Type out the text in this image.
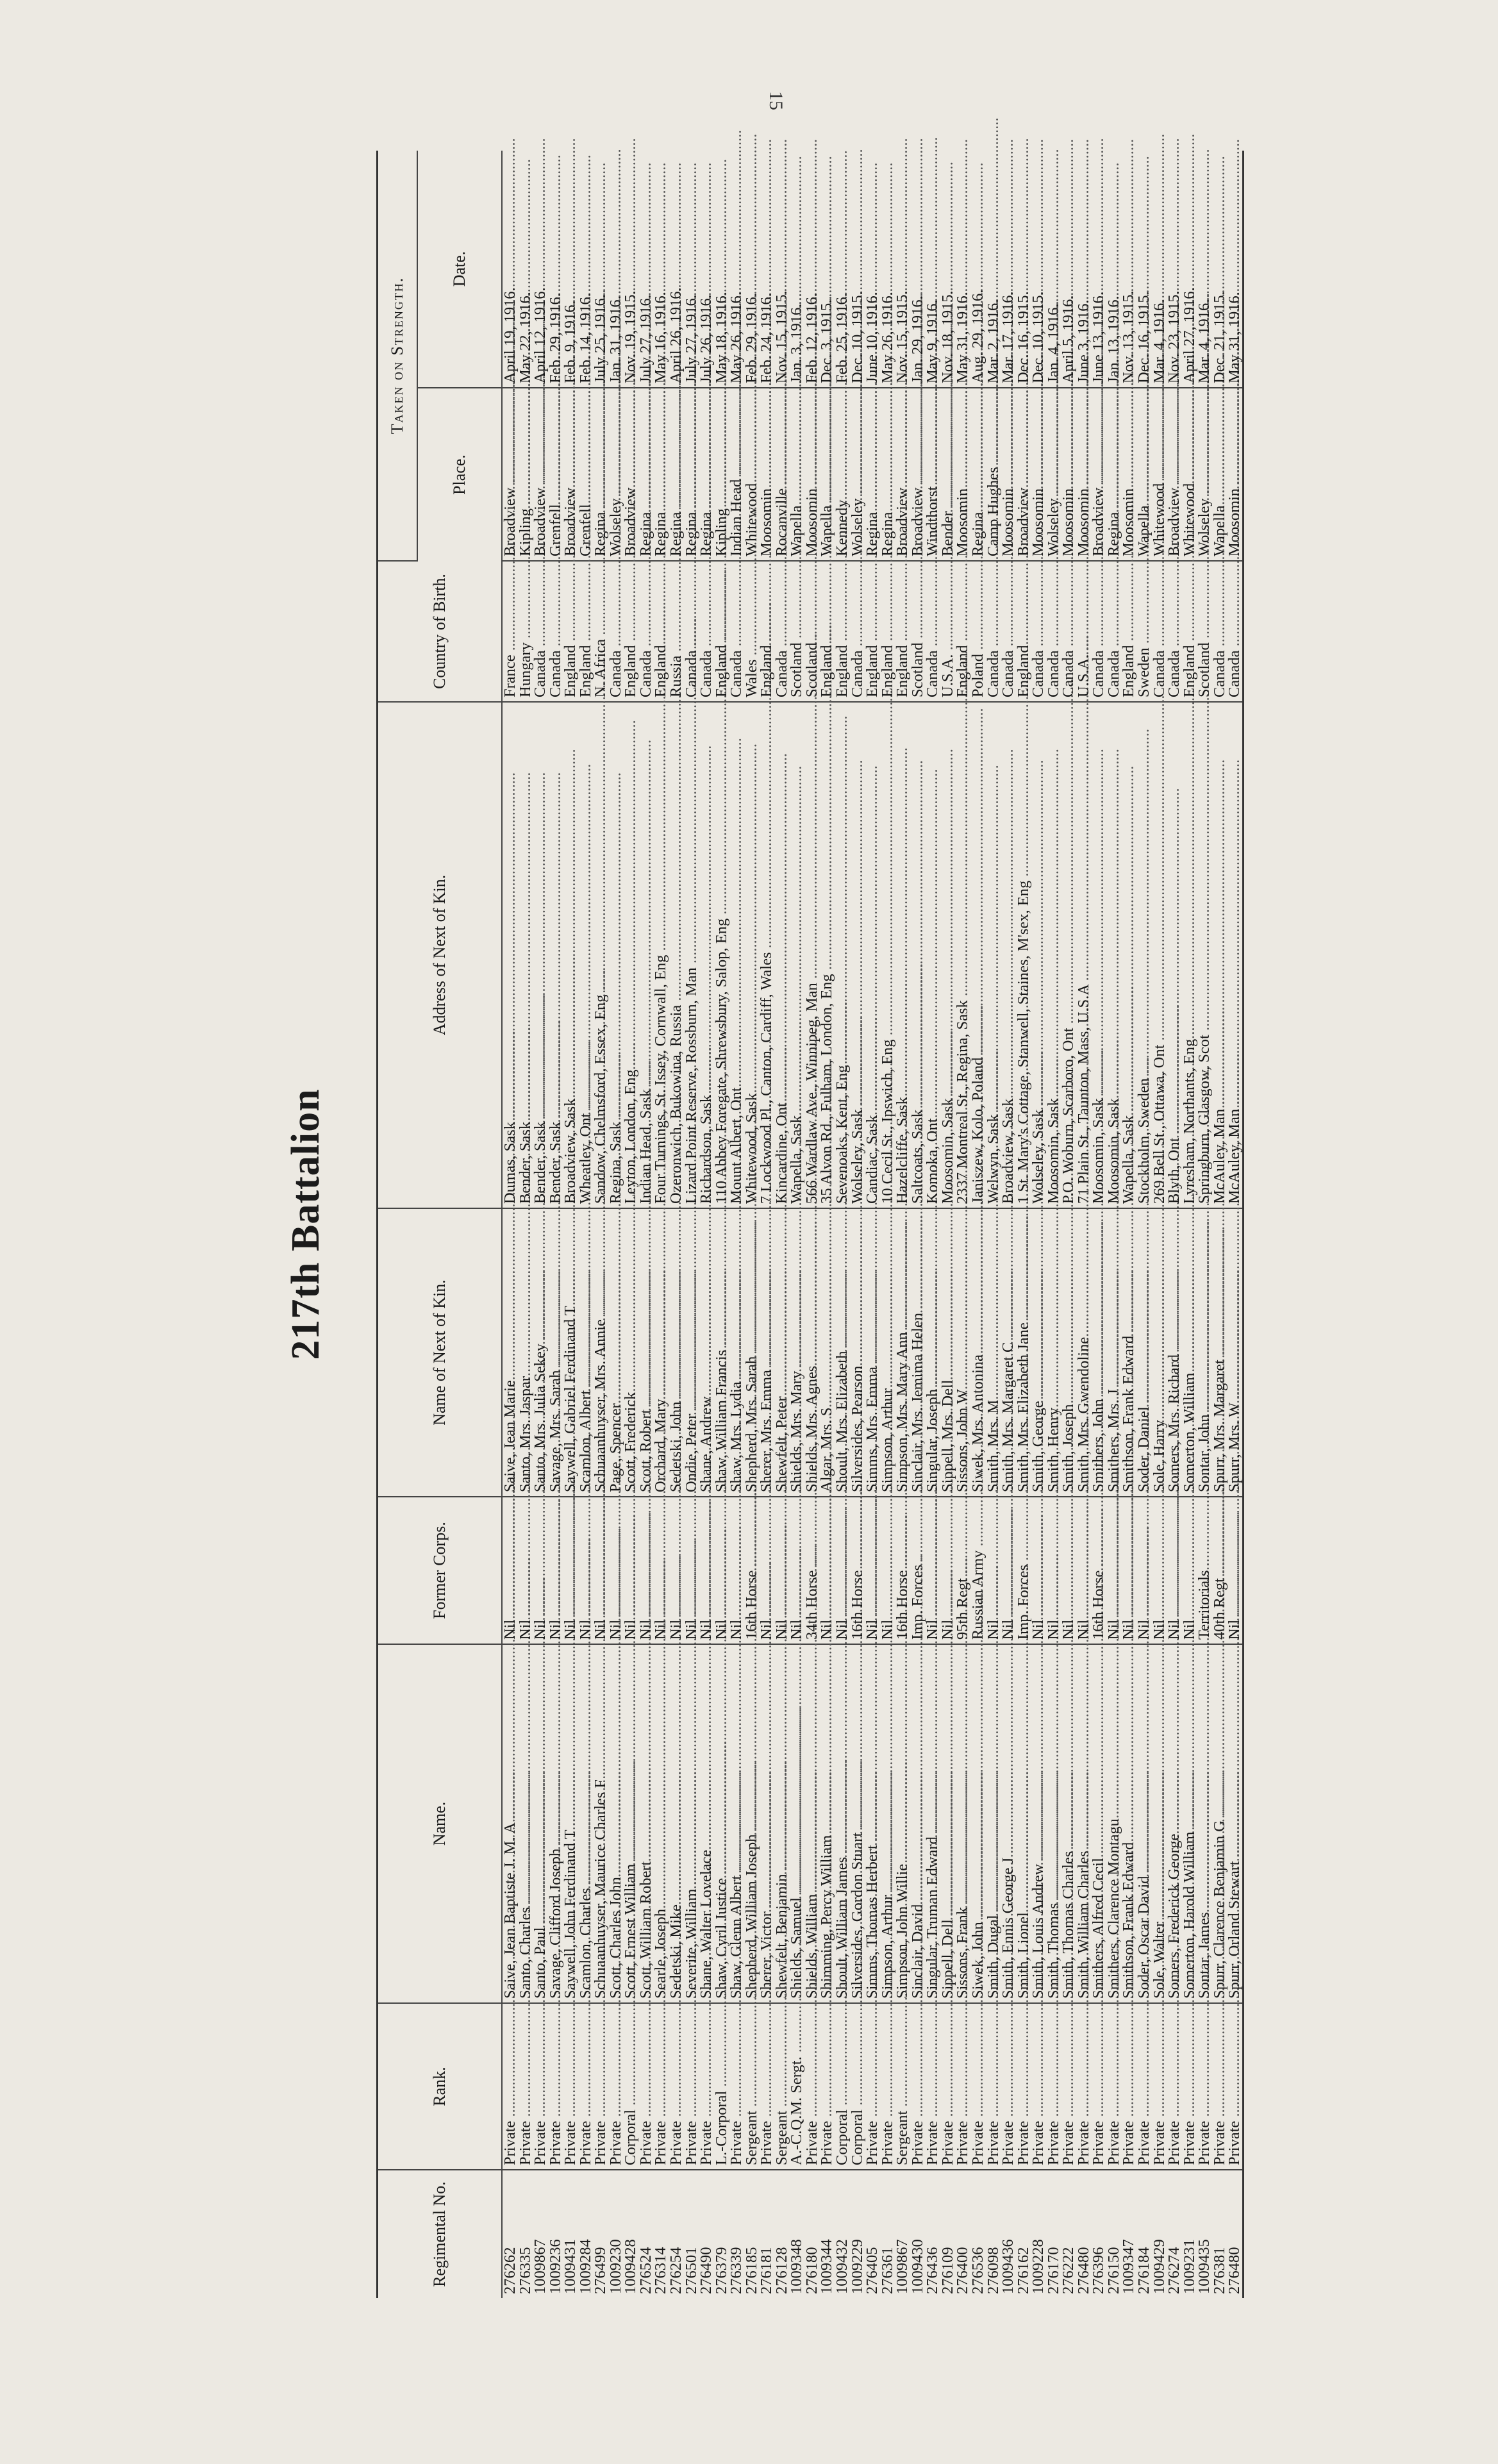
15
217th Battalion
Regimental No.	Rank.	Name.	Former Corps.	Name of Next of Kin.	Address of Next of Kin.	Country of Birth.	Taken on Strength.	
							Place.	Date.
276262	Private .....	Saive, Jean Baptiste J. M. A .....	Nil .....	Saive, Jean Marie .....	Dumas, Sask .....	France .....	Broadview .....	April 19, 1916.
276335	Private .....	Santo, Charles .....	Nil .....	Santo, Mrs. Jaspar .....	Bender, Sask .....	Hungary .....	Kipling .....	May 22, 1916.
1009867	Private .....	Santo, Paul .....	Nil .....	Santo, Mrs. Julia Sekey .....	Bender, Sask .....	Canada .....	Broadview .....	April 12, 1916.
1009236	Private .....	Savage, Clifford Joseph .....	Nil .....	Savage, Mrs. Sarah .....	Bender, Sask .....	Canada .....	Grenfell .....	Feb. 29, 1916.
1009431	Private .....	Saywell, John Ferdinand T .....	Nil .....	Saywell, Gabriel Ferdinand T .....	Broadview, Sask .....	England .....	Broadview .....	Feb. 9, 1916.
1009284	Private .....	Scamlon, Charles .....	Nil .....	Scamlon, Albert .....	Wheatley, Ont .....	England .....	Grenfell .....	Feb. 14, 1916.
276499	Private .....	Schuaanhuyser, Maurice Charles F .....	Nil .....	Schuaanhuyser, Mrs. Annie .....	Sandow, Chelmsford, Essex, Eng .....	N. Africa .....	Regina .....	July 25, 1916.
1009230	Private .....	Scott, Charles John .....	Nil .....	Page, Spencer .....	Regina, Sask .....	Canada .....	Wolseley .....	Jan. 31, 1916.
1009428	Corporal .....	Scott, Ernest William .....	Nil .....	Scott, Frederick .....	Leyton, London, Eng .....	England .....	Broadview .....	Nov. 19, 1915.
276524	Private .....	Scott, William Robert .....	Nil .....	Scott, Robert .....	Indian Head, Sask .....	Canada .....	Regina .....	July 27, 1916.
276314	Private .....	Searle, Joseph .....	Nil .....	Orchard, Mary .....	Four Turnings, St. Issey, Cornwall, Eng .....	England .....	Regina .....	May 16, 1916.
276254	Private .....	Sedetski, Mike .....	Nil .....	Sedetski, John .....	Ozeronwich, Bukowina, Russia .....	Russia .....	Regina .....	April 26, 1916.
276501	Private .....	Severite, William .....	Nil .....	Ondie, Peter .....	Lizard Point Reserve, Rossburn, Man .....	Canada .....	Regina .....	July 27, 1916.
276490	Private .....	Shane, Walter Lovelace .....	Nil .....	Shane, Andrew .....	Richardson, Sask .....	Canada .....	Regina .....	July 26, 1916.
276379	L.-Corporal .....	Shaw, Cyril Justice .....	Nil .....	Shaw, William Francis .....	110 Abbey Foregate, Shrewsbury, Salop, Eng .....	England .....	Kipling .....	May 18, 1916.
276339	Private .....	Shaw, Glenn Albert .....	Nil .....	Shaw, Mrs. Lydia .....	Mount Albert, Ont .....	Canada .....	Indian Head .....	May 26, 1916.
276185	Sergeant .....	Shepherd, William Joseph .....	16th Horse .....	Shepherd, Mrs. Sarah .....	Whitewood, Sask .....	Wales .....	Whitewood .....	Feb. 29, 1916.
276181	Private .....	Sherer, Victor .....	Nil .....	Sherer, Mrs. Emma .....	7 Lockwood Pl., Canton, Cardiff, Wales .....	England .....	Moosomin .....	Feb. 24, 1916.
276128	Sergeant .....	Shewfelt, Benjamin .....	Nil .....	Shewfelt, Peter .....	Kincardine, Ont .....	Canada .....	Rocanville .....	Nov. 15, 1915.
1009348	A.-C.Q.M. Sergt. .....	Shields, Samuel .....	Nil .....	Shields, Mrs. Mary .....	Wapella, Sask .....	Scotland .....	Wapella .....	Jan. 3, 1916.
276180	Private .....	Shields, William .....	34th Horse .....	Shields, Mrs. Agnes .....	566 Wardlaw Ave., Winnipeg, Man .....	Scotland .....	Moosomin .....	Feb. 12, 1916.
1009344	Private .....	Shimming, Percy William .....	Nil .....	Algar, Mrs. S .....	35 Alvon Rd., Fulham, London, Eng .....	England .....	Wapella .....	Dec. 3, 1915.
1009432	Corporal .....	Shoult, William James .....	Nil .....	Shoult, Mrs. Elizabeth .....	Sevenoaks, Kent, Eng .....	England .....	Kennedy .....	Feb. 25, 1916.
1009229	Corporal .....	Silversides, Gordon Stuart .....	16th Horse .....	Silversides, Pearson .....	Wolseley, Sask .....	Canada .....	Wolseley .....	Dec. 10, 1915.
276405	Private .....	Simms, Thomas Herbert .....	Nil .....	Simms, Mrs. Emma .....	Candiac, Sask .....	England .....	Regina .....	June 10, 1916.
276361	Private .....	Simpson, Arthur .....	Nil .....	Simpson, Arthur .....	10 Cecil St., Ipswich, Eng .....	England .....	Regina .....	May 26, 1916.
1009867	Sergeant .....	Simpson, John Willie .....	16th Horse .....	Simpson, Mrs. Mary Ann .....	Hazelcliffe, Sask .....	England .....	Broadview .....	Nov. 15, 1915.
1009430	Private .....	Sinclair, David .....	Imp. Forces .....	Sinclair, Mrs. Jemima Helen .....	Saltcoats, Sask .....	Scotland .....	Broadview .....	Jan. 29, 1916.
276436	Private .....	Singular, Truman Edward .....	Nil .....	Singular, Joseph .....	Komoka, Ont .....	Canada .....	Windthorst .....	May 9, 1916.
276109	Private .....	Sippell, Dell .....	Nil .....	Sippell, Mrs. Dell .....	Moosomin, Sask .....	U.S.A. .....	Bender .....	Nov. 18, 1915.
276400	Private .....	Sissons, Frank .....	95th Regt .....	Sissons, John W .....	2337 Montreal St., Regina, Sask .....	England .....	Moosomin .....	May 31, 1916.
276536	Private .....	Siwek, John .....	Russian Army .....	Siwek, Mrs. Antonina .....	Janiszew, Kolo, Poland .....	Poland .....	Regina .....	Aug. 29, 1916.
276098	Private .....	Smith, Dugal .....	Nil .....	Smith, Mrs. M .....	Welwyn, Sask .....	Canada .....	Camp Hughes .....	Mar. 2, 1916.
1009436	Private .....	Smith, Ennis George J .....	Nil .....	Smith, Mrs. Margaret C .....	Broadview, Sask .....	Canada .....	Moosomin .....	Mar. 17, 1916.
276162	Private .....	Smith, Lionel .....	Imp. Forces .....	Smith, Mrs. Elizabeth Jane .....	1 St. Mary's Cottage, Stanwell, Staines, M'sex, Eng .....	England .....	Broadview .....	Dec. 16, 1915.
1009228	Private .....	Smith, Louis Andrew .....	Nil .....	Smith, George .....	Wolseley, Sask .....	Canada .....	Moosomin .....	Dec. 10, 1915.
276170	Private .....	Smith, Thomas .....	Nil .....	Smith, Henry .....	Moosomin, Sask .....	Canada .....	Wolseley .....	Jan. 4, 1916.
276222	Private .....	Smith, Thomas Charles .....	Nil .....	Smith, Joseph .....	P.O. Woburn, Scarboro, Ont .....	Canada .....	Moosomin .....	April 5, 1916.
276480	Private .....	Smith, William Charles .....	Nil .....	Smith, Mrs. Gwendoline .....	71 Plain St., Taunton, Mass, U.S.A .....	U.S.A. .....	Moosomin .....	June 3, 1916.
276396	Private .....	Smithers, Alfred Cecil .....	16th Horse .....	Smithers, John .....	Moosomin, Sask .....	Canada .....	Broadview .....	June 13, 1916.
276150	Private .....	Smithers, Clarence Montagu .....	Nil .....	Smithers, Mrs. J .....	Moosomin, Sask .....	Canada .....	Regina .....	Jan. 13, 1916.
1009347	Private .....	Smithson, Frank Edward .....	Nil .....	Smithson, Frank Edward .....	Wapella, Sask .....	England .....	Moosomin .....	Nov. 13, 1915.
276184	Private .....	Soder, Oscar David .....	Nil .....	Soder, Daniel .....	Stockholm, Sweden .....	Sweden .....	Wapella .....	Dec. 16, 1915.
1009429	Private .....	Sole, Walter .....	Nil .....	Sole, Harry .....	269 Bell St., Ottawa, Ont .....	Canada .....	Whitewood .....	Mar. 4, 1916.
276274	Private .....	Somers, Frederick George .....	Nil .....	Somers, Mrs. Richard .....	Blyth, Ont .....	Canada .....	Broadview .....	Nov. 23, 1915.
1009231	Private .....	Somerton, Harold William .....	Nil .....	Somerton, William .....	Lyresham, Northants, Eng .....	England .....	Whitewood .....	April 27, 1916.
1009435	Private .....	Sontar, James .....	Territorials .....	Sontar, John .....	Springburn, Glasgow, Scot .....	Scotland .....	Wolseley .....	Mar. 4, 1916.
276381	Private .....	Spurr, Clarence Benjamin G .....	40th Regt .....	Spurr, Mrs. Margaret .....	McAuley, Man .....	Canada .....	Wapella .....	Dec. 21, 1915.
276480	Private .....	Spurr, Orland Stewart .....	Nil .....	Spurr, Mrs. W .....	McAuley, Man .....	Canada .....	Moosomin .....	May 31, 1916.
